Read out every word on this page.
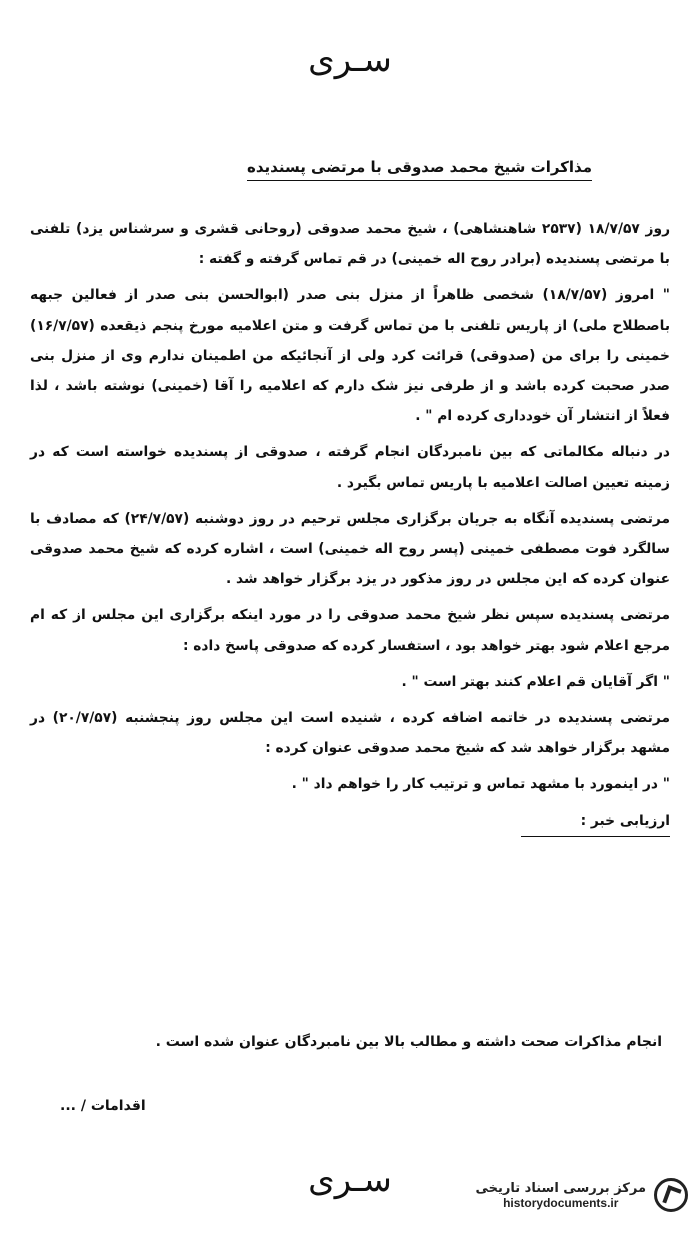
سـری
مذاکرات شیخ محمد صدوقی با مرتضی پسندیده

روز ۱۸/۷/۵۷ (۲۵۳۷ شاهنشاهی) ، شیخ محمد صدوقی (روحانی قشری و سرشناس یزد) تلفنی با مرتضی پسندیده (برادر روح اله خمینی) در قم تماس گرفته و گفته :

" امروز (۱۸/۷/۵۷) شخصی ظاهراً از منزل بنی صدر (ابوالحسن بنی صدر از فعالین جبهه باصطلاح ملی) از پاریس تلفنی با من تماس گرفت و متن اعلامیه مورخ پنجم ذیقعده (۱۶/۷/۵۷) خمینی را برای من (صدوقی) قرائت کرد ولی از آنجائیکه من اطمینان ندارم وی از منزل بنی صدر صحبت کرده باشد و از طرفی نیز شک دارم که اعلامیه را آقا (خمینی) نوشته باشد ، لذا فعلاً از انتشار آن خودداری کرده ام " .

در دنباله مکالماتی که بین نامبردگان انجام گرفته ، صدوقی از پسندیده خواسته است که در زمینه تعیین اصالت اعلامیه با پاریس تماس بگیرد .

مرتضی پسندیده آنگاه به جریان برگزاری مجلس ترحیم در روز دوشنبه (۲۴/۷/۵۷) که مصادف با سالگرد فوت مصطفی خمینی (پسر روح اله خمینی) است ، اشاره کرده که شیخ محمد صدوقی عنوان کرده که این مجلس در روز مذکور در یزد برگزار خواهد شد .

مرتضی پسندیده سپس نظر شیخ محمد صدوقی را در مورد اینکه برگزاری این مجلس از که ام مرجع اعلام شود بهتر خواهد بود ، استفسار کرده که صدوقی پاسخ داده :

" اگر آقایان قم اعلام کنند بهتر است " .

مرتضی پسندیده در خاتمه اضافه کرده ، شنیده است این مجلس روز پنجشنبه (۲۰/۷/۵۷) در مشهد برگزار خواهد شد که شیخ محمد صدوقی عنوان کرده :

" در اینمورد با مشهد تماس و ترتیب کار را خواهم داد " .

ارزیابی خبر :

انجام مذاکرات صحت داشته و مطالب بالا بین نامبردگان عنوان شده است .
اقدامات / ...
سـری	مرکز بررسی اسناد تاریخی
historydocuments.ir
